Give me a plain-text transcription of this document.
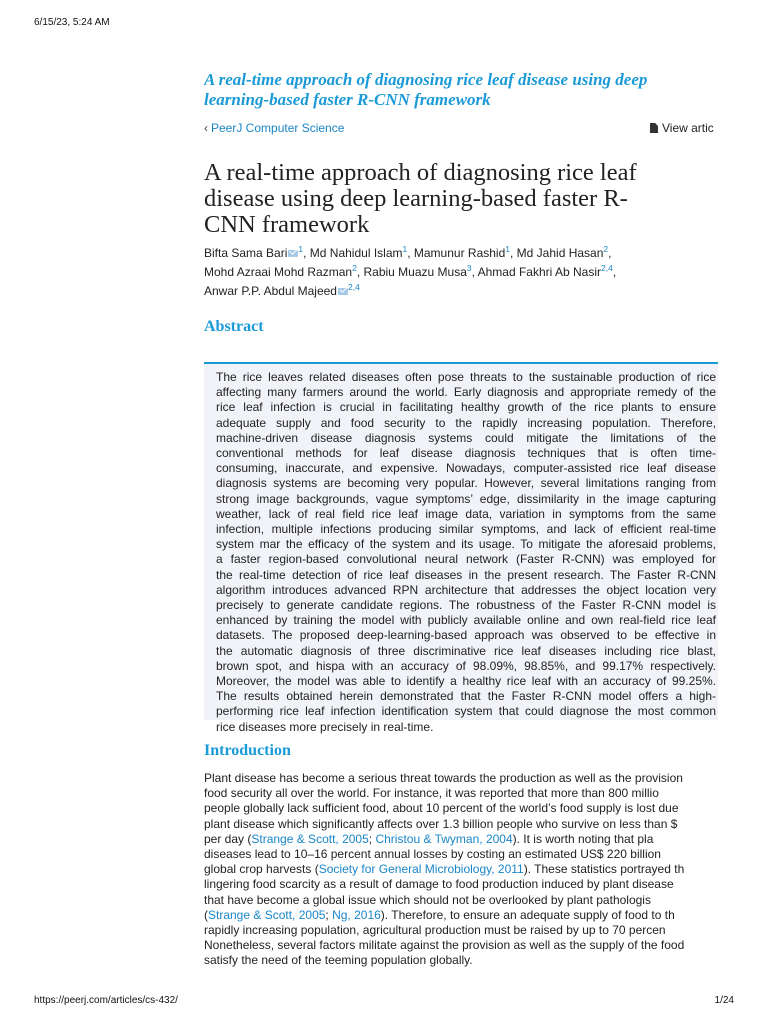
6/15/23, 5:24 AM
A real-time approach of diagnosing rice leaf disease using deep
learning-based faster R-CNN framework
‹ PeerJ Computer Science	View artic
A real-time approach of diagnosing rice leaf
disease using deep learning-based faster R-
CNN framework
Bifta Sama Bari $^1$, Md Nahidul Islam$^1$, Mamunur Rashid$^1$, Md Jahid Hasan$^2$,
Mohd Azraai Mohd Razman$^2$, Rabiu Muazu Musa$^3$, Ahmad Fakhri Ab Nasir$^{2,4}$,
Anwar P.P. Abdul Majeed $^{2,4}$
Abstract
The rice leaves related diseases often pose threats to the sustainable production of rice
affecting many farmers around the world. Early diagnosis and appropriate remedy of the
rice leaf infection is crucial in facilitating healthy growth of the rice plants to ensure
adequate supply and food security to the rapidly increasing population. Therefore,
machine-driven disease diagnosis systems could mitigate the limitations of the
conventional methods for leaf disease diagnosis techniques that is often time-
consuming, inaccurate, and expensive. Nowadays, computer-assisted rice leaf disease
diagnosis systems are becoming very popular. However, several limitations ranging from
strong image backgrounds, vague symptoms’ edge, dissimilarity in the image capturing
weather, lack of real field rice leaf image data, variation in symptoms from the same
infection, multiple infections producing similar symptoms, and lack of efficient real-time
system mar the efficacy of the system and its usage. To mitigate the aforesaid problems,
a faster region-based convolutional neural network (Faster R-CNN) was employed for
the real-time detection of rice leaf diseases in the present research. The Faster R-CNN
algorithm introduces advanced RPN architecture that addresses the object location very
precisely to generate candidate regions. The robustness of the Faster R-CNN model is
enhanced by training the model with publicly available online and own real-field rice leaf
datasets. The proposed deep-learning-based approach was observed to be effective in
the automatic diagnosis of three discriminative rice leaf diseases including rice blast,
brown spot, and hispa with an accuracy of 98.09%, 98.85%, and 99.17% respectively.
Moreover, the model was able to identify a healthy rice leaf with an accuracy of 99.25%.
The results obtained herein demonstrated that the Faster R-CNN model offers a high-
performing rice leaf infection identification system that could diagnose the most common
rice diseases more precisely in real-time.
Introduction
Plant disease has become a serious threat towards the production as well as the provision
food security all over the world. For instance, it was reported that more than 800 millio
people globally lack sufficient food, about 10 percent of the world’s food supply is lost due
plant disease which significantly affects over 1.3 billion people who survive on less than $
per day (Strange & Scott, 2005; Christou & Twyman, 2004). It is worth noting that pla
diseases lead to 10–16 percent annual losses by costing an estimated US$ 220 billion
global crop harvests (Society for General Microbiology, 2011). These statistics portrayed th
lingering food scarcity as a result of damage to food production induced by plant disease
that have become a global issue which should not be overlooked by plant pathologis
(Strange & Scott, 2005; Ng, 2016). Therefore, to ensure an adequate supply of food to th
rapidly increasing population, agricultural production must be raised by up to 70 percen
Nonetheless, several factors militate against the provision as well as the supply of the food
satisfy the need of the teeming population globally.
https://peerj.com/articles/cs-432/	1/24
